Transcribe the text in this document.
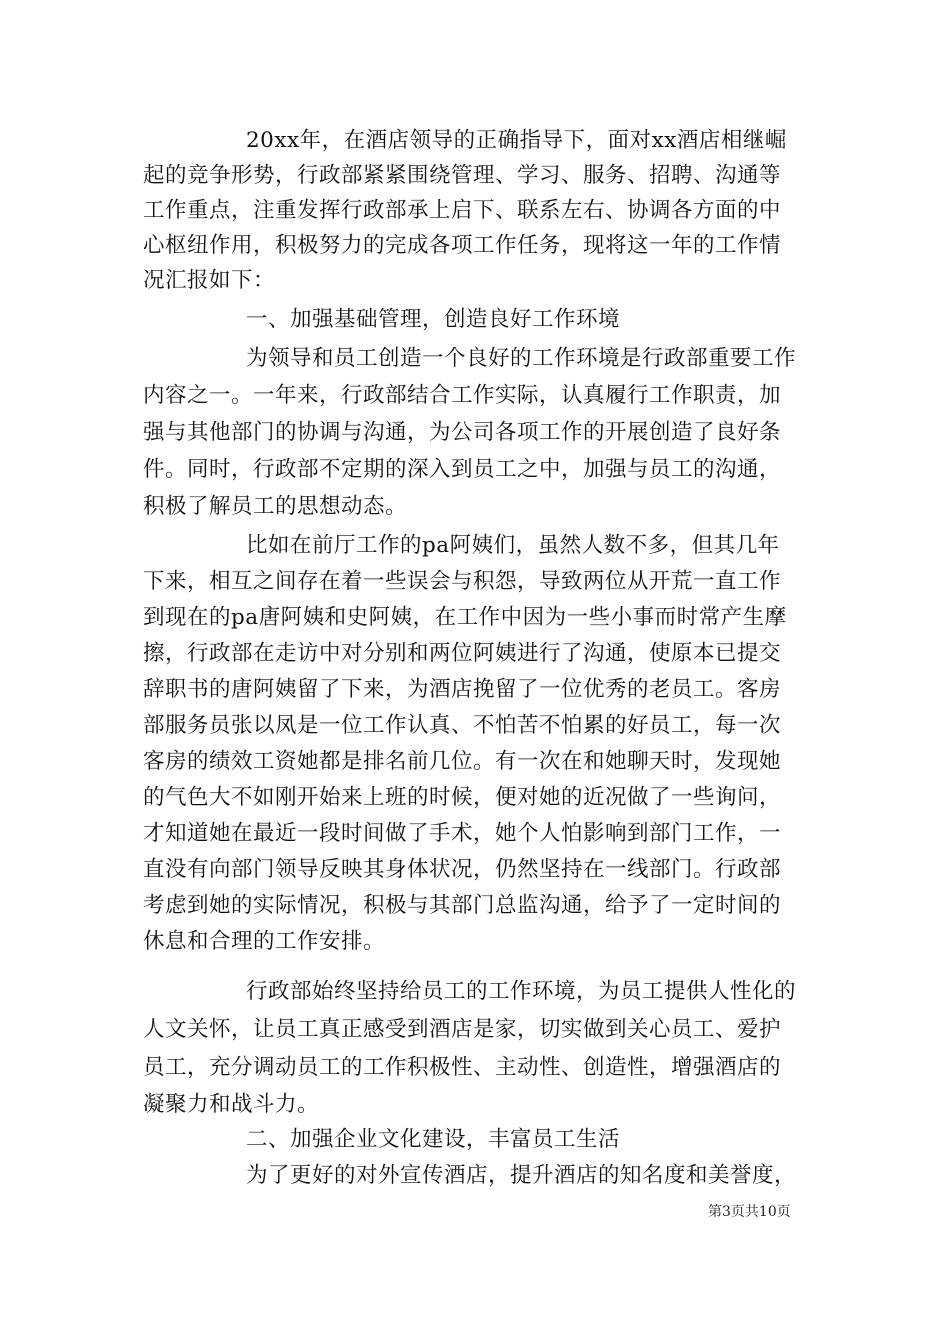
20xx年，在酒店领导的正确指导下，面对xx酒店相继崛
起的竞争形势，行政部紧紧围绕管理、学习、服务、招聘、沟通等
工作重点，注重发挥行政部承上启下、联系左右、协调各方面的中
心枢纽作用，积极努力的完成各项工作任务，现将这一年的工作情
况汇报如下：
一、加强基础管理，创造良好工作环境
为领导和员工创造一个良好的工作环境是行政部重要工作
内容之一。一年来，行政部结合工作实际，认真履行工作职责，加
强与其他部门的协调与沟通，为公司各项工作的开展创造了良好条
件。同时，行政部不定期的深入到员工之中，加强与员工的沟通，
积极了解员工的思想动态。
比如在前厅工作的pa阿姨们，虽然人数不多，但其几年
下来，相互之间存在着一些误会与积怨，导致两位从开荒一直工作
到现在的pa唐阿姨和史阿姨，在工作中因为一些小事而时常产生摩
擦，行政部在走访中对分别和两位阿姨进行了沟通，使原本已提交
辞职书的唐阿姨留了下来，为酒店挽留了一位优秀的老员工。客房
部服务员张以凤是一位工作认真、不怕苦不怕累的好员工，每一次
客房的绩效工资她都是排名前几位。有一次在和她聊天时，发现她
的气色大不如刚开始来上班的时候，便对她的近况做了一些询问，
才知道她在最近一段时间做了手术，她个人怕影响到部门工作，一
直没有向部门领导反映其身体状况，仍然坚持在一线部门。行政部
考虑到她的实际情况，积极与其部门总监沟通，给予了一定时间的
休息和合理的工作安排。
行政部始终坚持给员工的工作环境，为员工提供人性化的
人文关怀，让员工真正感受到酒店是家，切实做到关心员工、爱护
员工，充分调动员工的工作积极性、主动性、创造性，增强酒店的
凝聚力和战斗力。
二、加强企业文化建设，丰富员工生活
为了更好的对外宣传酒店，提升酒店的知名度和美誉度，
第3页共10页
